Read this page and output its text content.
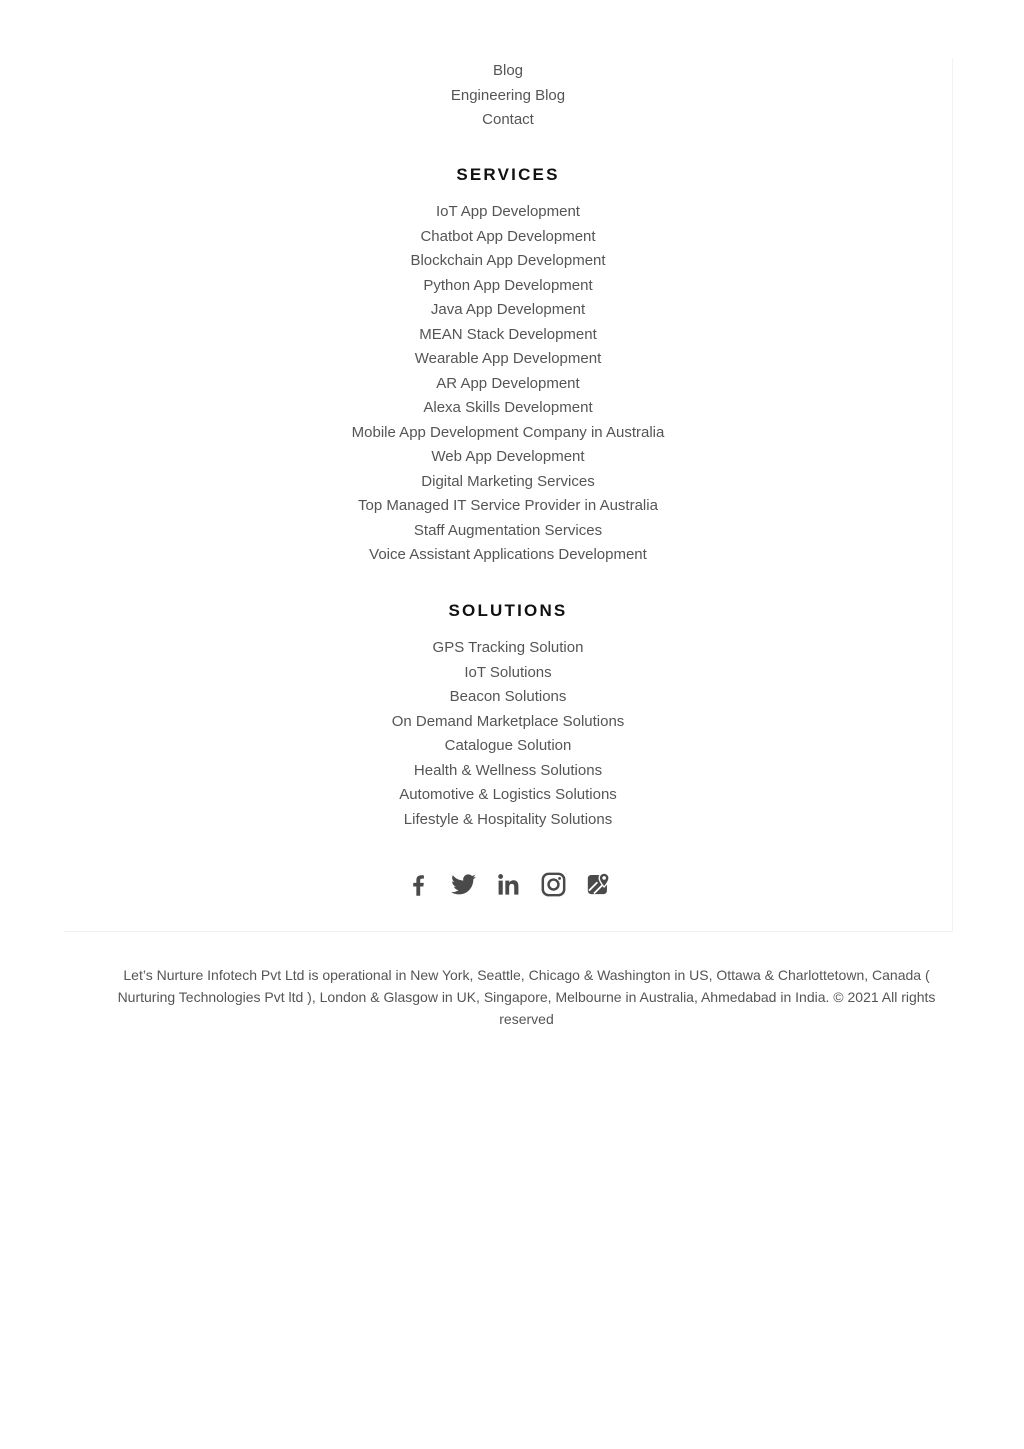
Blog
Engineering Blog
Contact
SERVICES
IoT App Development
Chatbot App Development
Blockchain App Development
Python App Development
Java App Development
MEAN Stack Development
Wearable App Development
AR App Development
Alexa Skills Development
Mobile App Development Company in Australia
Web App Development
Digital Marketing Services
Top Managed IT Service Provider in Australia
Staff Augmentation Services
Voice Assistant Applications Development
SOLUTIONS
GPS Tracking Solution
IoT Solutions
Beacon Solutions
On Demand Marketplace Solutions
Catalogue Solution
Health & Wellness Solutions
Automotive & Logistics Solutions
Lifestyle & Hospitality Solutions
Let’s Nurture Infotech Pvt Ltd is operational in New York, Seattle, Chicago & Washington in US, Ottawa & Charlottetown, Canada ( Nurturing Technologies Pvt ltd ), London & Glasgow in UK, Singapore, Melbourne in Australia, Ahmedabad in India. © 2021 All rights reserved
